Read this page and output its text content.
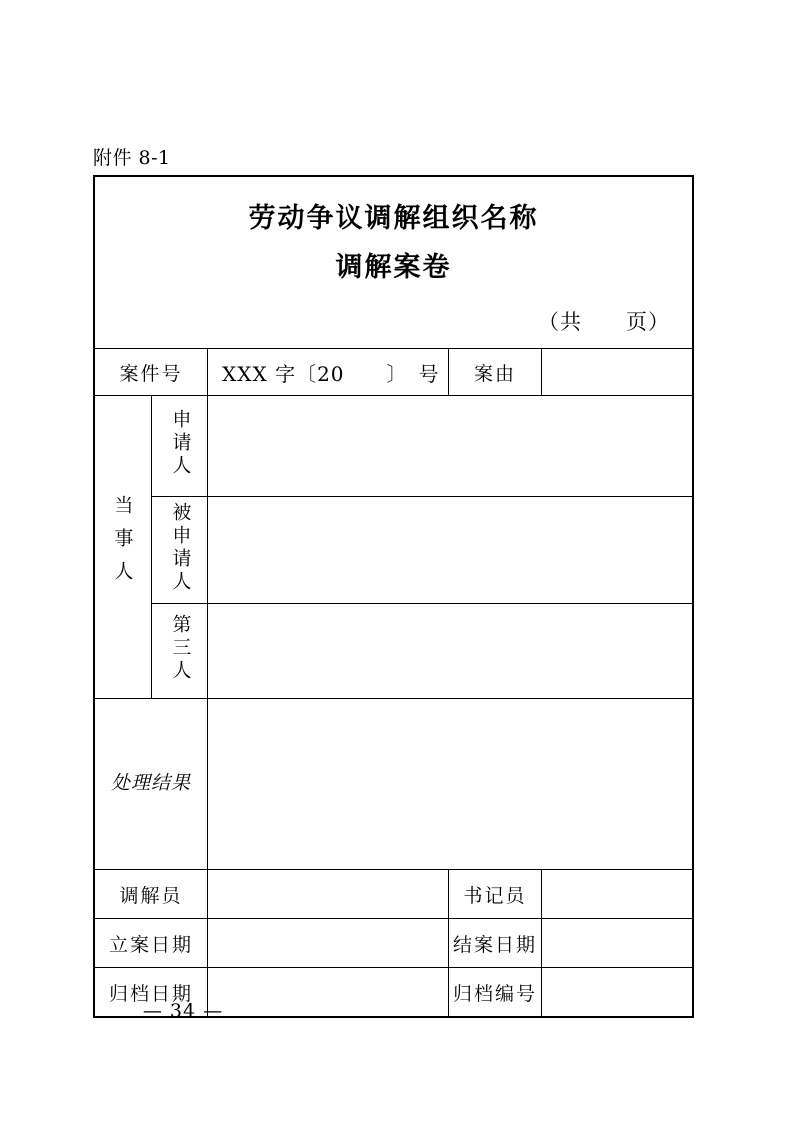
附件 8-1
劳动争议调解组织名称
调解案卷
（共　　页）
案件号		XXX 字〔20　　〕　号	案由	
当事人	申请人			
	被申请人			
	第三人			

处理结果				

调解员			书记员	
立案日期			结案日期	
归档日期			归档编号	
— 34 —
